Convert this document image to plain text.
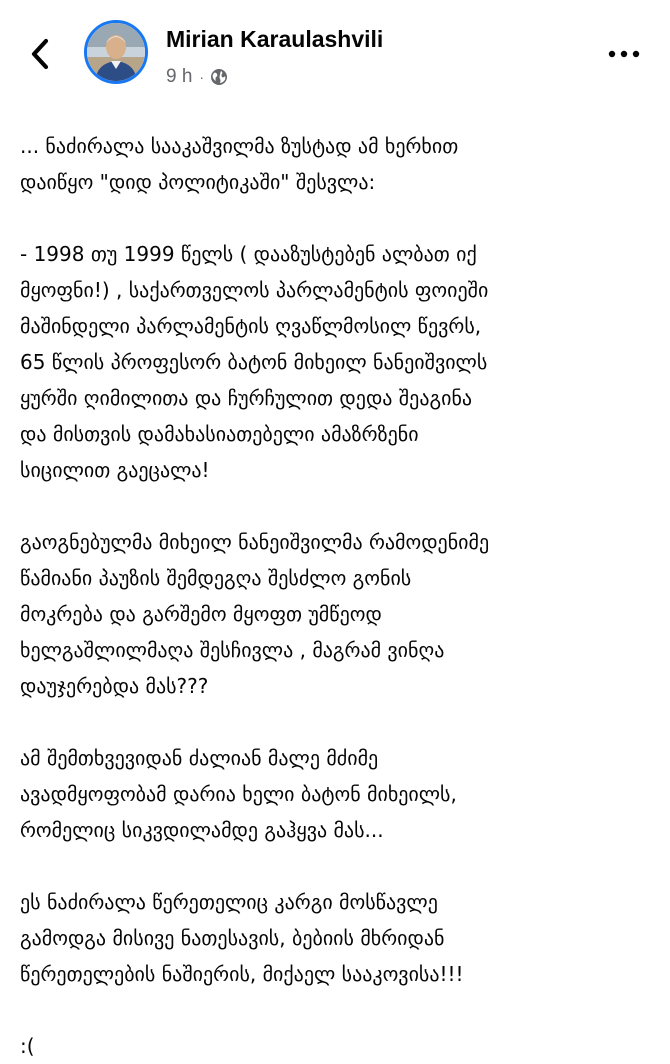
Mirian Karaulashvili
9 h ·
... ნაძირალა სააკაშვილმა ზუსტად ამ ხერხით
დაიწყო "დიდ პოლიტიკაში" შესვლა:
- 1998 თუ 1999 წელს ( დააზუსტებენ ალბათ იქ
მყოფნი!) , საქართველოს პარლამენტის ფოიეში
მაშინდელი პარლამენტის ღვაწლმოსილ წევრს,
65 წლის პროფესორ ბატონ მიხეილ ნანეიშვილს
ყურში ღიმილითა და ჩურჩულით დედა შეაგინა
და მისთვის დამახასიათებელი ამაზრზენი
სიცილით გაეცალა!
გაოგნებულმა მიხეილ ნანეიშვილმა რამოდენიმე
წამიანი პაუზის შემდეგღა შესძლო გონის
მოკრება და გარშემო მყოფთ უმწეოდ
ხელგაშლილმაღა შესჩივლა , მაგრამ ვინღა
დაუჯერებდა მას???
ამ შემთხვევიდან ძალიან მალე მძიმე
ავადმყოფობამ დარია ხელი ბატონ მიხეილს,
რომელიც სიკვდილამდე გაჰყვა მას...
ეს ნაძირალა წერეთელიც კარგი მოსწავლე
გამოდგა მისივე ნათესავის, ბებიის მხრიდან
წერეთელების ნაშიერის, მიქაელ სააკოვისა!!!
:(
